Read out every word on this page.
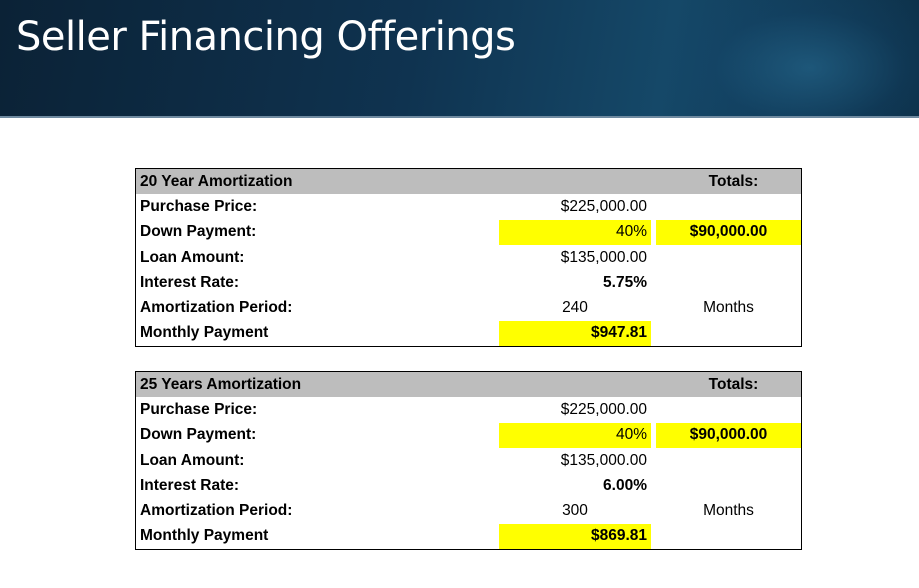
Seller Financing Offerings
20 Year Amortization	Totals:
Purchase Price:	$225,000.00
Down Payment:	40%	$90,000.00
Loan Amount:	$135,000.00
Interest Rate:	5.75%
Amortization Period:	240	Months
Monthly Payment	$947.81
25 Years Amortization	Totals:
Purchase Price:	$225,000.00
Down Payment:	40%	$90,000.00
Loan Amount:	$135,000.00
Interest Rate:	6.00%
Amortization Period:	300	Months
Monthly Payment	$869.81
